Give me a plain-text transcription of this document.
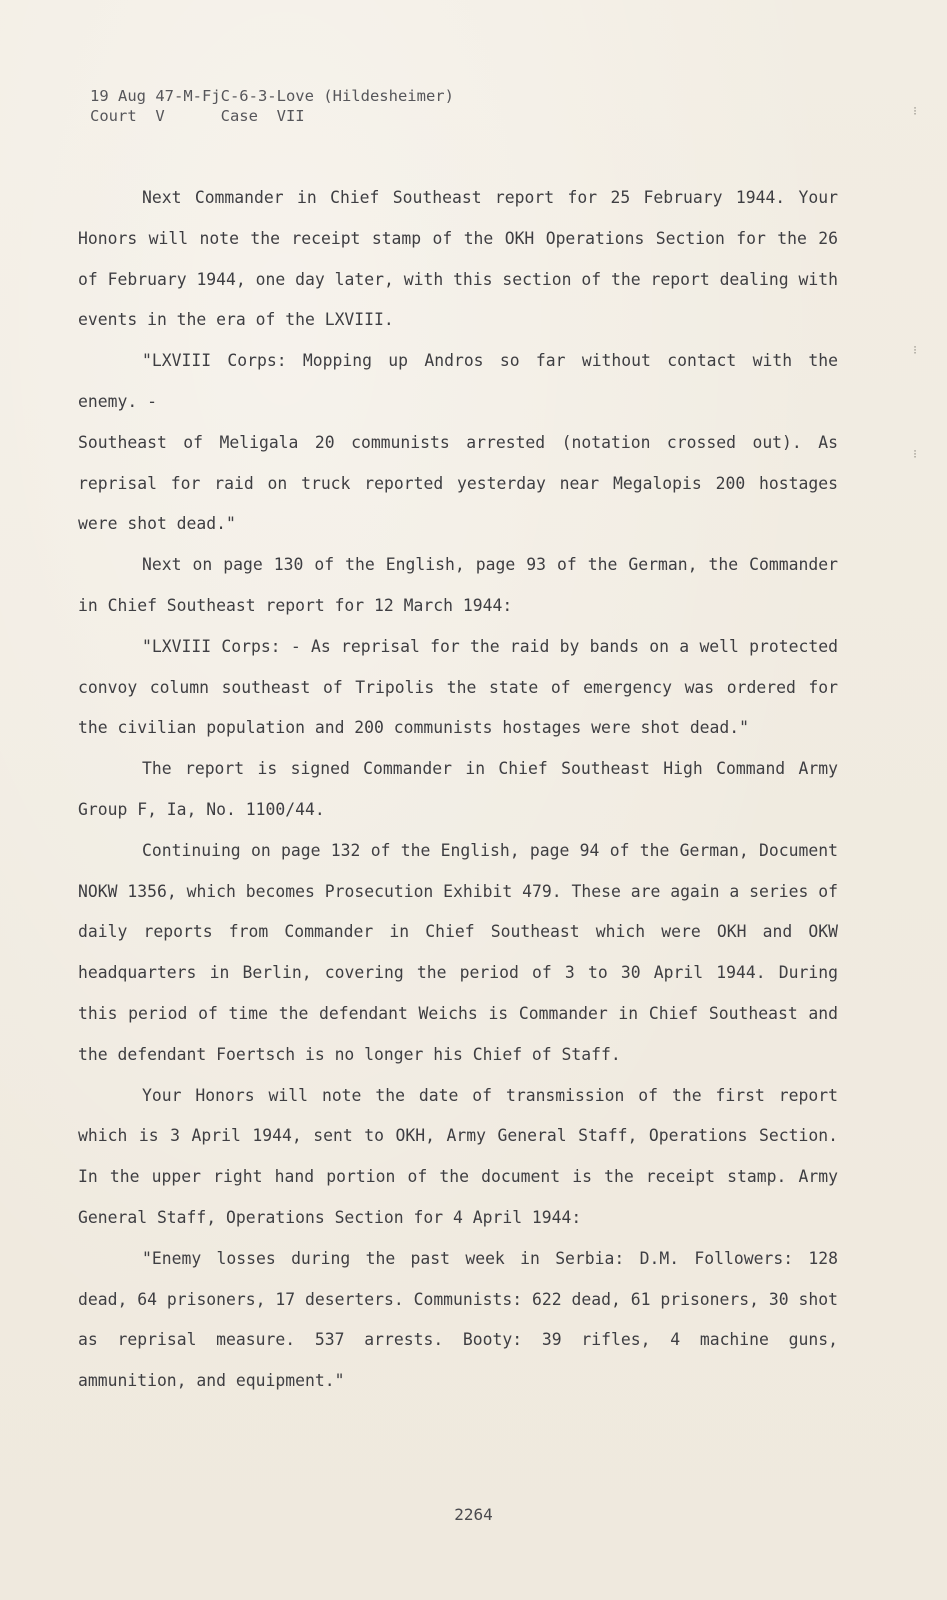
19 Aug 47-M-FjC-6-3-Love (Hildesheimer)
Court  V      Case  VII	⁝
⁝
⁝

Next Commander in Chief Southeast report for 25 February 1944. Your Honors will note the receipt stamp of the OKH Operations Section for the 26 of February 1944, one day later, with this section of the report dealing with events in the era of the LXVIII.

"LXVIII Corps: Mopping up Andros so far without contact with the enemy. -

Southeast of Meligala 20 communists arrested (notation crossed out). As reprisal for raid on truck reported yesterday near Megalopis 200 hostages were shot dead."

Next on page 130 of the English, page 93 of the German, the Commander in Chief Southeast report for 12 March 1944:

"LXVIII Corps: - As reprisal for the raid by bands on a well protected convoy column southeast of Tripolis the state of emergency was ordered for the civilian population and 200 communists hostages were shot dead."

The report is signed Commander in Chief Southeast High Command Army Group F, Ia, No. 1100/44.

Continuing on page 132 of the English, page 94 of the German, Document NOKW 1356, which becomes Prosecution Exhibit 479. These are again a series of daily reports from Commander in Chief Southeast which were OKH and OKW headquarters in Berlin, covering the period of 3 to 30 April 1944. During this period of time the defendant Weichs is Commander in Chief Southeast and the defendant Foertsch is no longer his Chief of Staff.

Your Honors will note the date of transmission of the first report which is 3 April 1944, sent to OKH, Army General Staff, Operations Section. In the upper right hand portion of the document is the receipt stamp. Army General Staff, Operations Section for 4 April 1944:

"Enemy losses during the past week in Serbia: D.M. Followers: 128 dead, 64 prisoners, 17 deserters. Communists: 622 dead, 61 prisoners, 30 shot as reprisal measure. 537 arrests. Booty: 39 rifles, 4 machine guns, ammunition, and equipment."

2264
